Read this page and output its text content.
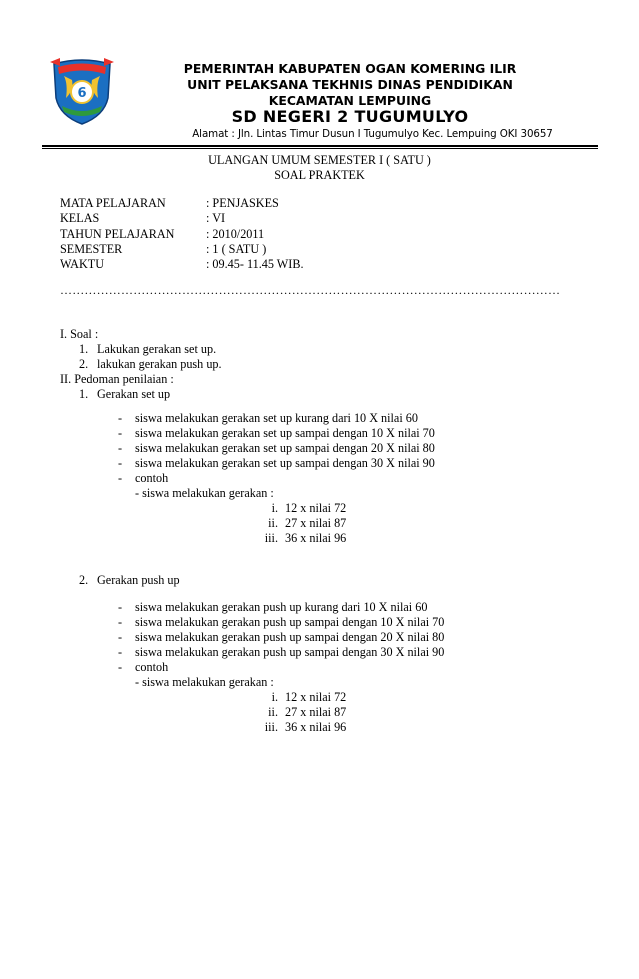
6
PEMERINTAH KABUPATEN OGAN KOMERING ILIR
UNIT PELAKSANA TEKHNIS DINAS PENDIDIKAN
KECAMATAN LEMPUING
SD NEGERI 2 TUGUMULYO
Alamat : Jln. Lintas Timur Dusun I Tugumulyo Kec. Lempuing OKI 30657
ULANGAN UMUM SEMESTER I ( SATU )
SOAL PRAKTEK
MATA PELAJARAN	: PENJASKES
KELAS	: VI
TAHUN PELAJARAN	: 2010/2011
SEMESTER	: 1 ( SATU )
WAKTU	: 09.45- 11.45 WIB.
……………………………………………………………………………………………………………
I. Soal :
1. Lakukan gerakan set up.
2. lakukan gerakan push up.
II. Pedoman penilaian :
1. Gerakan set up
- siswa melakukan gerakan set up kurang dari 10 X nilai 60
- siswa melakukan gerakan set up sampai dengan 10 X nilai 70
- siswa melakukan gerakan set up sampai dengan 20 X nilai 80
- siswa melakukan gerakan set up sampai dengan 30 X nilai 90
- contoh
- siswa melakukan gerakan :
i. 12 x nilai 72
ii. 27 x nilai 87
iii. 36 x nilai 96
2. Gerakan push up
- siswa melakukan gerakan push up kurang dari 10 X nilai 60
- siswa melakukan gerakan push up sampai dengan 10 X nilai 70
- siswa melakukan gerakan push up sampai dengan 20 X nilai 80
- siswa melakukan gerakan push up sampai dengan 30 X nilai 90
- contoh
- siswa melakukan gerakan :
i. 12 x nilai 72
ii. 27 x nilai 87
iii. 36 x nilai 96
